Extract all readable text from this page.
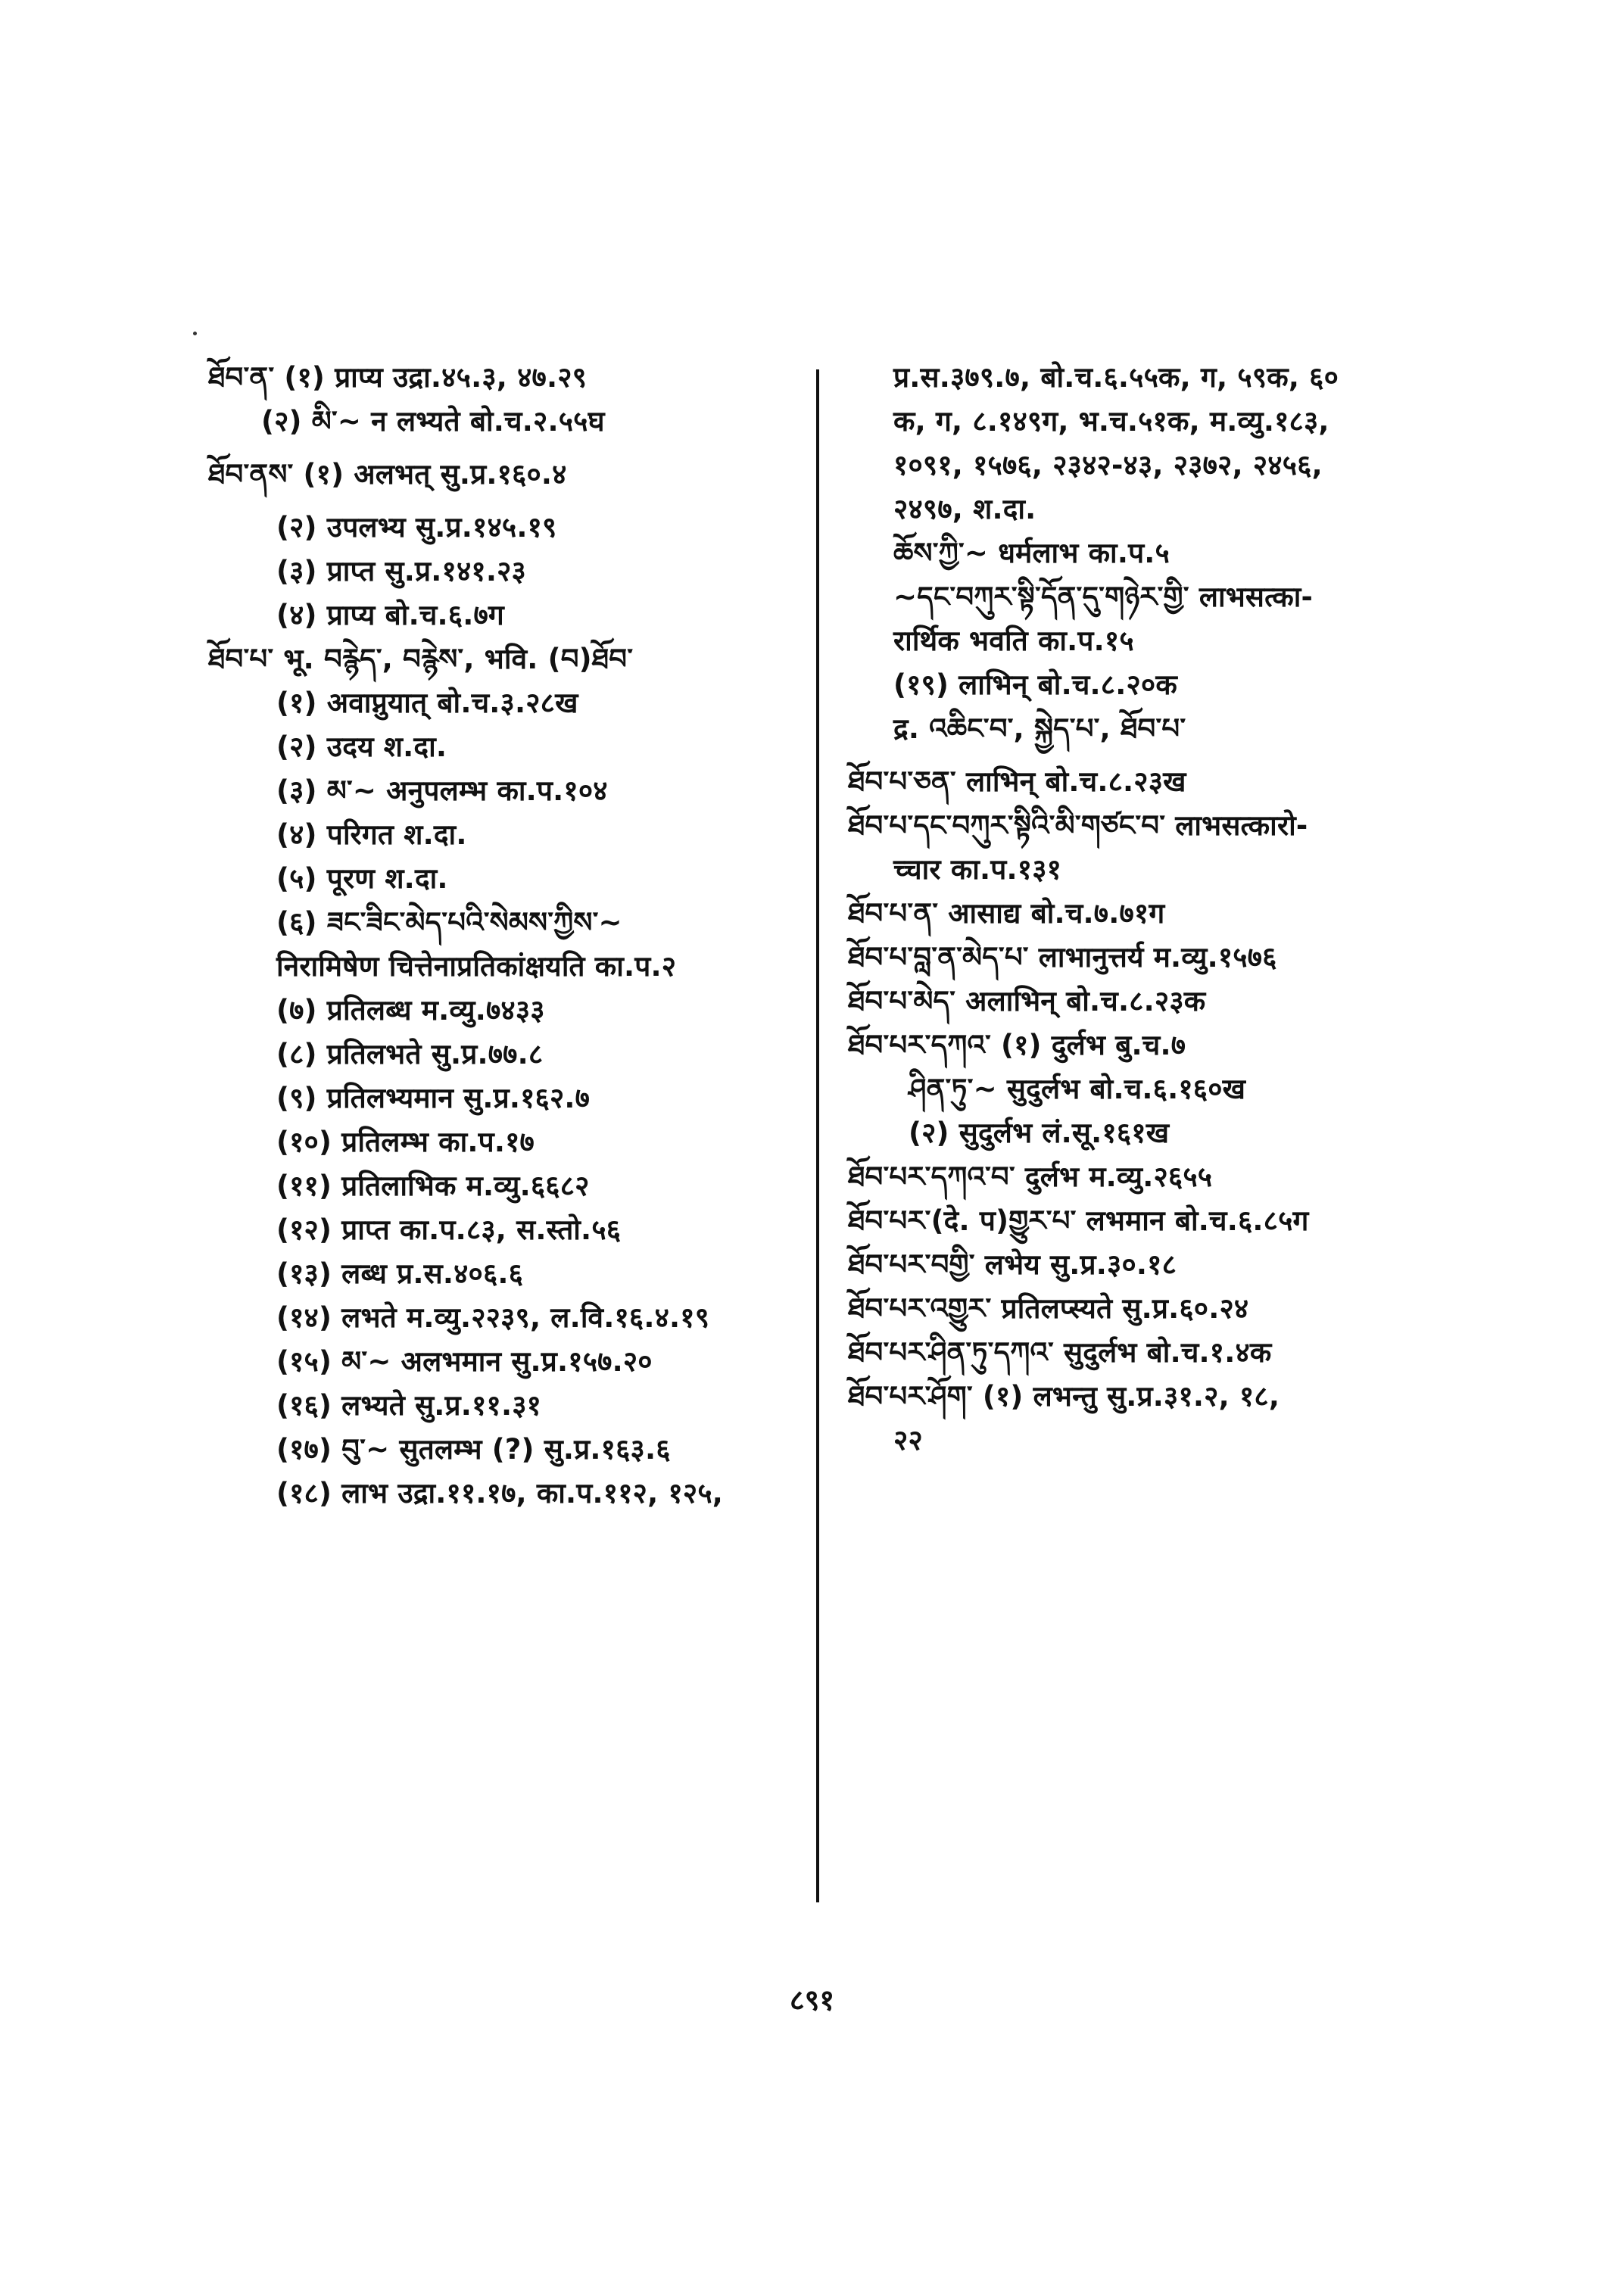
ཐོབ་ན་ (१) प्राप्य उद्रा.४५.३, ४७.२९
(२) མི་~ न लभ्यते बो.च.२.५५घ
ཐོབ་ནས་ (१) अलभत् सु.प्र.१६०.४
(२) उपलभ्य सु.प्र.१४५.१९
(३) प्राप्त सु.प्र.१४१.२३
(४) प्राप्य बो.च.६.७ग
ཐོབ་པ་ भू. བརྙེད་, བརྙེས་, भवि. (བ)ཐོབ་
(१) अवाप्नुयात् बो.च.३.२८ख
(२) उदय श.दा.
(३) མ་~ अनुपलम्भ का.प.१०४
(४) परिगत श.दा.
(५) पूरण श.दा.
(६) ཟང་ཟིང་མེད་པའི་སེམས་ཀྱིས་~
निरामिषेण चित्तेनाप्रतिकांक्षयति का.प.२
(७) प्रतिलब्ध म.व्यु.७४३३
(८) प्रतिलभते सु.प्र.७७.८
(९) प्रतिलभ्यमान सु.प्र.१६२.७
(१०) प्रतिलम्भ का.प.१७
(११) प्रतिलाभिक म.व्यु.६६८२
(१२) प्राप्त का.प.८३, स.स्तो.५६
(१३) लब्ध प्र.स.४०६.६
(१४) लभते म.व्यु.२२३९, ल.वि.१६.४.१९
(१५) མ་~ अलभमान सु.प्र.१५७.२०
(१६) लभ्यते सु.प्र.११.३१
(१७) བུ་~ सुतलम्भ (?) सु.प्र.१६३.६
(१८) लाभ उद्रा.११.१७, का.प.११२, १२५,
प्र.स.३७९.७, बो.च.६.५५क, ग, ५९क, ६०
क, ग, ८.१४९ग, भ.च.५१क, म.व्यु.१८३,
१०९१, १५७६, २३४२-४३, २३७२, २४५६,
२४९७, श.दा.
ཆོས་ཀྱི་~ धर्मलाभ का.प.५
~དང་བཀུར་སྟི་དོན་དུ་གཉེར་གྱི་ लाभसत्का-
रार्थिक भवति का.प.१५
(१९) लाभिन् बो.च.८.२०क
द्र. འཆིང་བ་, སྐྱེད་པ་, ཐོབ་པ་
ཐོབ་པ་ཅན་ लाभिन् बो.च.८.२३ख
ཐོབ་པ་དང་བཀུར་སྟིའི་མི་གཙང་བ་ लाभसत्कारो-
च्चार का.प.१३१
ཐོབ་པ་ན་ आसाद्य बो.च.७.७१ग
ཐོབ་པ་བླ་ན་མེད་པ་ लाभानुत्तर्य म.व्यु.१५७६
ཐོབ་པ་མེད་ अलाभिन् बो.च.८.२३क
ཐོབ་པར་དཀའ་ (१) दुर्लभ बु.च.७
ཤིན་ཏུ་~ सुदुर्लभ बो.च.६.१६०ख
(२) सुदुर्लभ लं.सू.१६१ख
ཐོབ་པར་དཀའ་བ་ दुर्लभ म.व्यु.२६५५
ཐོབ་པར་(दे. प)གྱུར་པ་ लभमान बो.च.६.८५ग
ཐོབ་པར་བགྱི་ लभेय सु.प्र.३०.१८
ཐོབ་པར་འགྱུར་ प्रतिलप्स्यते सु.प्र.६०.२४
ཐོབ་པར་ཤིན་ཏུ་དཀའ་ सुदुर्लभ बो.च.१.४क
ཐོབ་པར་ཤོག་ (१) लभन्तु सु.प्र.३१.२, १८,
२२
८९१
